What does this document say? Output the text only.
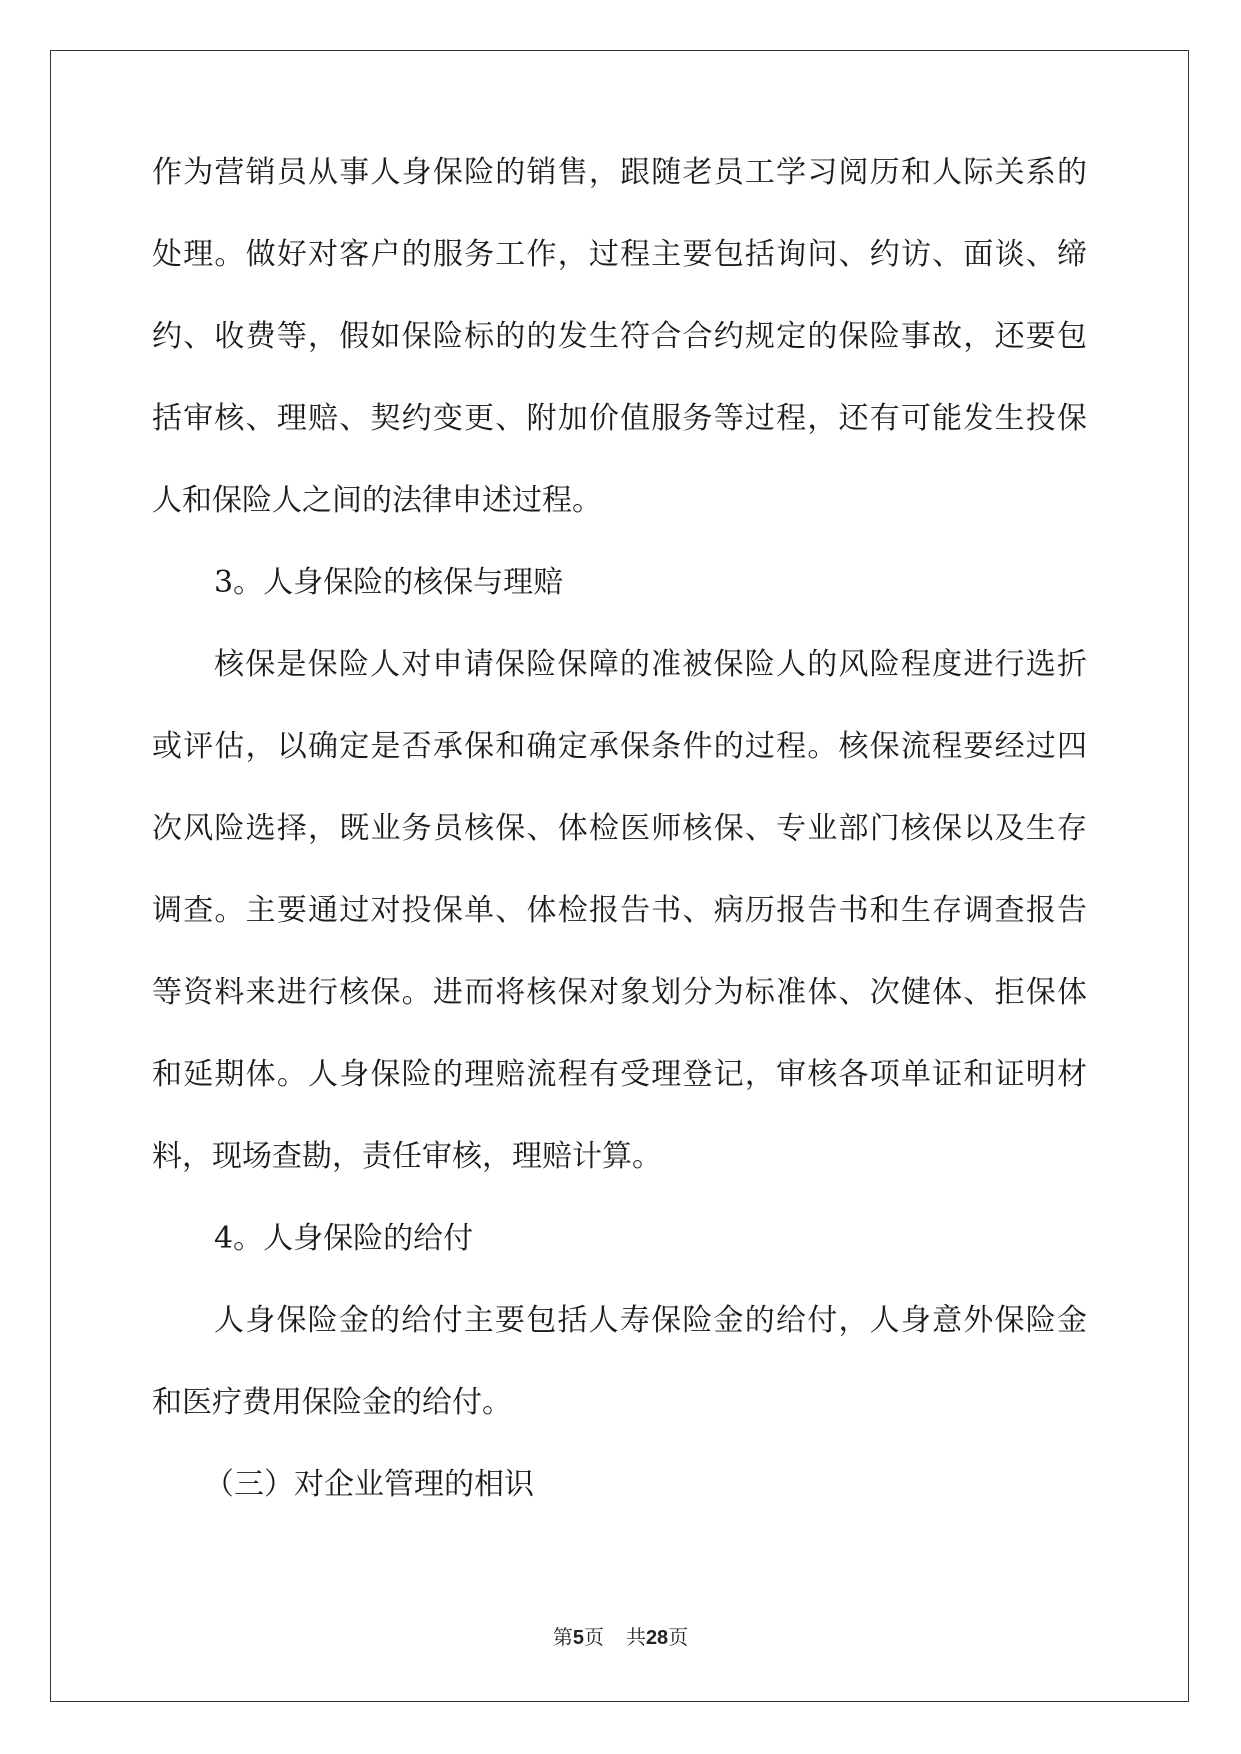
作为营销员从事人身保险的销售，跟随老员工学习阅历和人际关系的
处理。做好对客户的服务工作，过程主要包括询问、约访、面谈、缔
约、收费等，假如保险标的的发生符合合约规定的保险事故，还要包
括审核、理赔、契约变更、附加价值服务等过程，还有可能发生投保
人和保险人之间的法律申述过程。
3。人身保险的核保与理赔
核保是保险人对申请保险保障的准被保险人的风险程度进行选折
或评估，以确定是否承保和确定承保条件的过程。核保流程要经过四
次风险选择，既业务员核保、体检医师核保、专业部门核保以及生存
调查。主要通过对投保单、体检报告书、病历报告书和生存调查报告
等资料来进行核保。进而将核保对象划分为标准体、次健体、拒保体
和延期体。人身保险的理赔流程有受理登记，审核各项单证和证明材
料，现场查勘，责任审核，理赔计算。
4。人身保险的给付
人身保险金的给付主要包括人寿保险金的给付，人身意外保险金
和医疗费用保险金的给付。
（三）对企业管理的相识
第5页 共28页
